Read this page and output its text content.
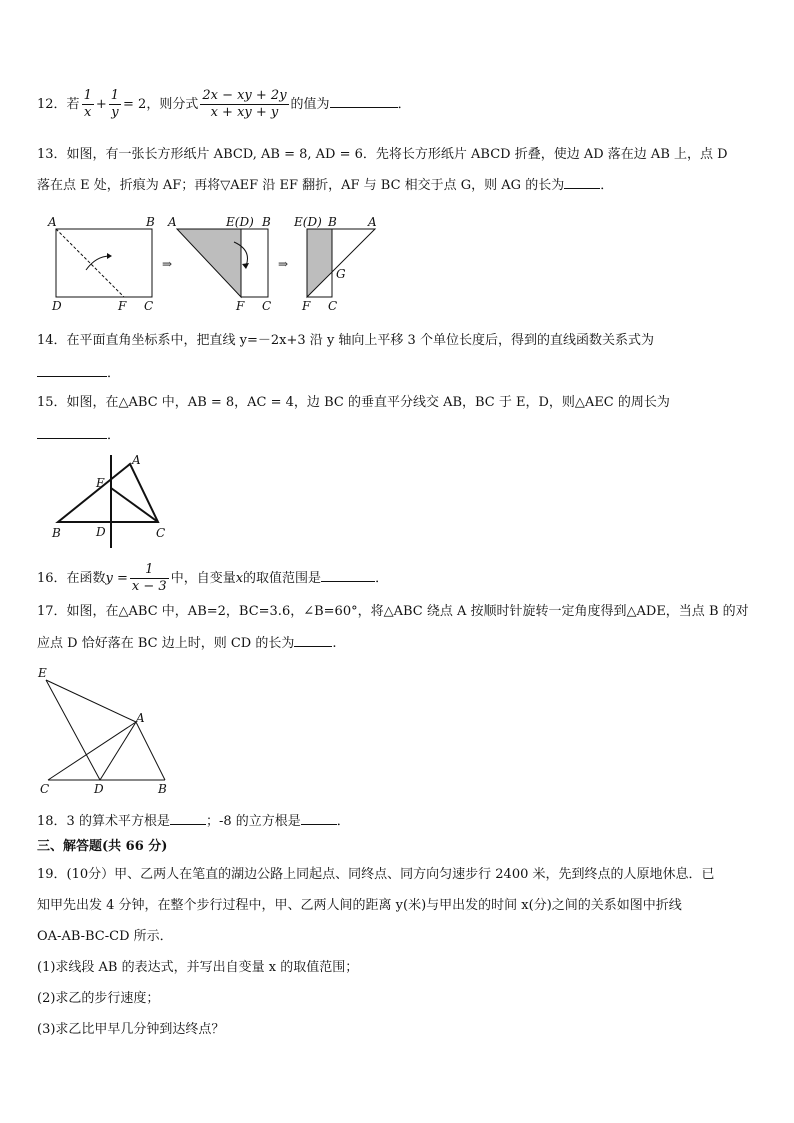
12．若 $\frac{1}{x} + \frac{1}{y} = 2$，则分式 $\frac{2x - xy + 2y}{x + xy + y}$ 的值为	．
13．如图，有一张长方形纸片 ABCD, AB = 8, AD = 6．先将长方形纸片 ABCD 折叠，使边 AD 落在边 AB 上，点 D
落在点 E 处，折痕为 AF；再将▽AEF 沿 EF 翻折，AF 与 BC 相交于点 G，则 AG 的长为	．
A	B
D	F C
⇒
A	E(D) B
F C
⇒
E(D) B	A
G
F C
14．在平面直角坐标系中，把直线 y=－2x+3 沿 y 轴向上平移 3 个单位长度后，得到的直线函数关系式为
．
15．如图，在△ABC 中，AB = 8，AC = 4，边 BC 的垂直平分线交 AB，BC 于 E，D，则△AEC 的周长为
．
A
E
B	D	C
16．在函数$y = \frac{1}{x - 3}$ 中，自变量x的取值范围是	．
17．如图，在△ABC 中，AB=2，BC=3.6，∠B=60°，将△ABC 绕点 A 按顺时针旋转一定角度得到△ADE，当点 B 的对
应点 D 恰好落在 BC 边上时，则 CD 的长为	.
E
A
C	D	B
18．3 的算术平方根是	；-8 的立方根是	．
三、解答题(共 66 分)
19．(10分）甲、乙两人在笔直的湖边公路上同起点、同终点、同方向匀速步行 2400 米，先到终点的人原地休息．已
知甲先出发 4 分钟，在整个步行过程中，甲、乙两人间的距离 y(米)与甲出发的时间 x(分)之间的关系如图中折线
OA-AB-BC-CD 所示．
(1)求线段 AB 的表达式，并写出自变量 x 的取值范围；
(2)求乙的步行速度；
(3)求乙比甲早几分钟到达终点？
